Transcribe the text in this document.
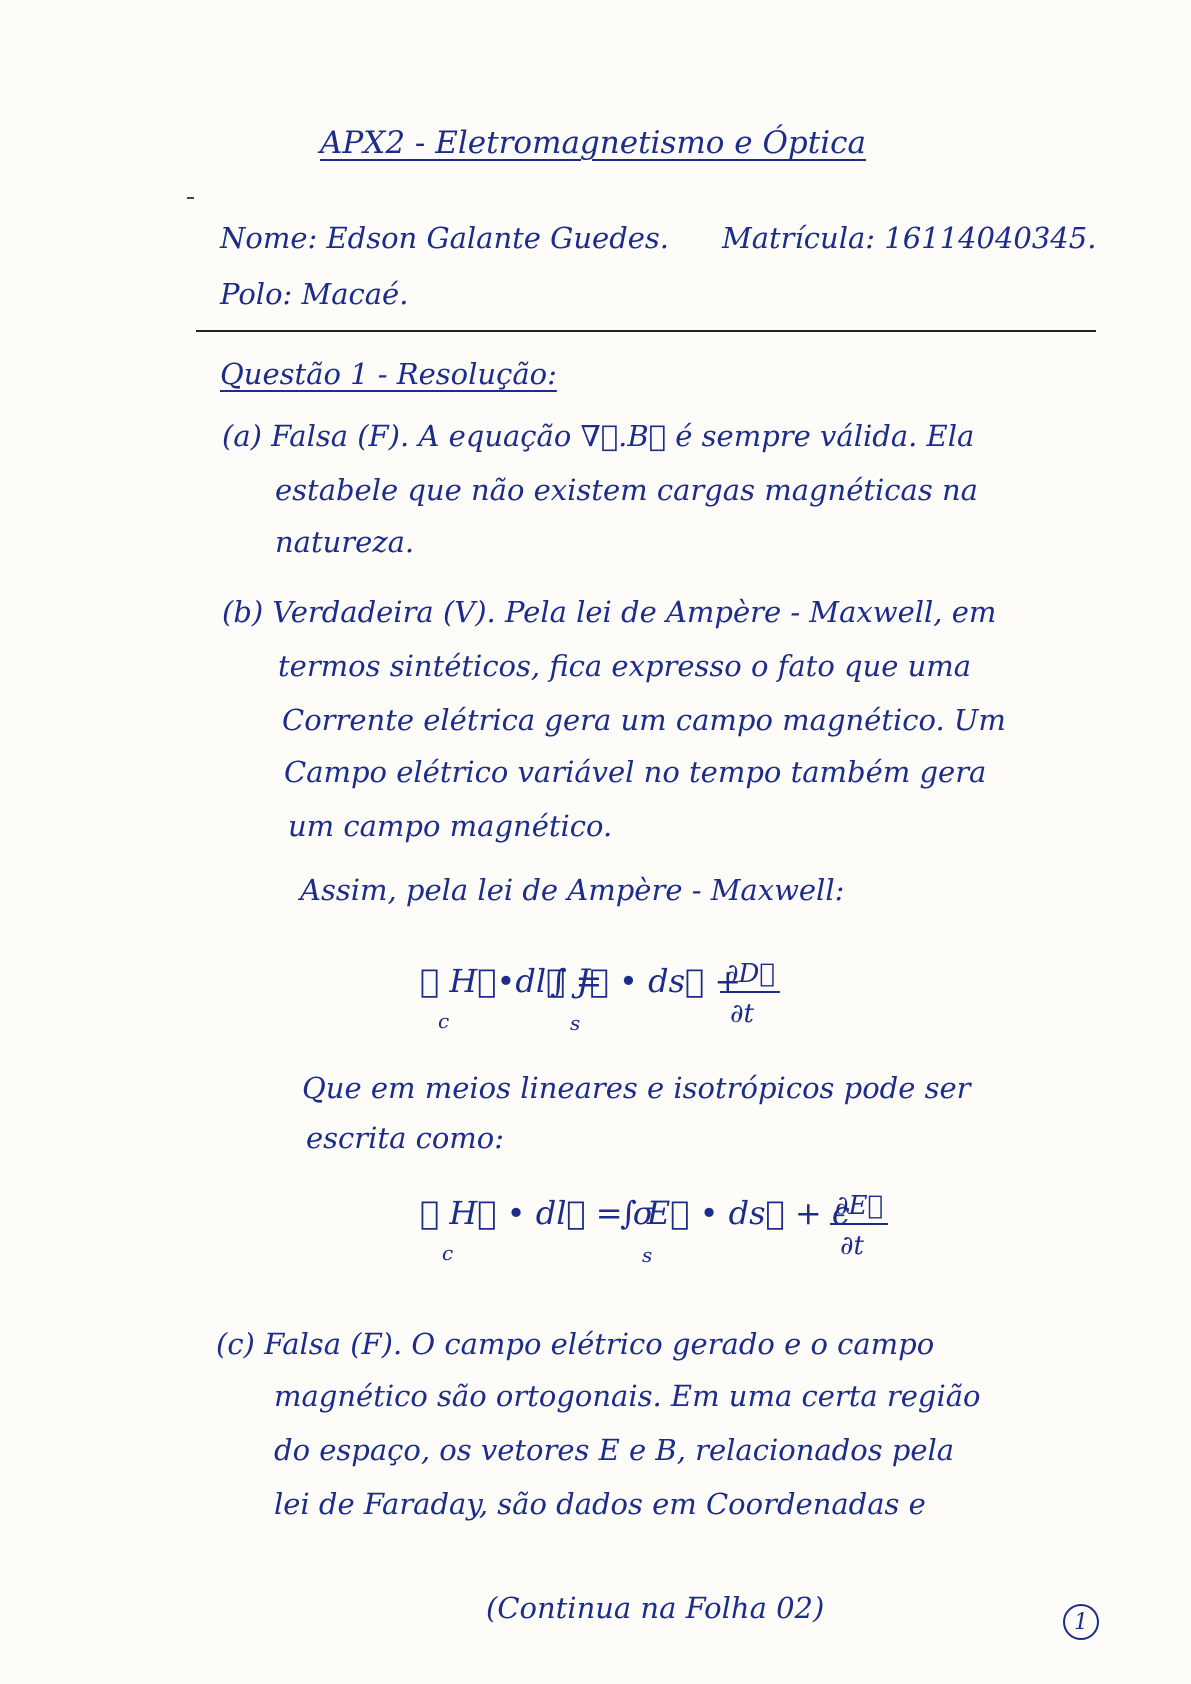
APX2 - Eletromagnetismo e Óptica
Nome: Edson Galante Guedes. Matrícula: 16114040345.
Polo: Macaé.
Questão 1 - Resolução:
(a) Falsa (F). A equação ∇⃗.B⃗ é sempre válida. Ela
estabele que não existem cargas magnéticas na
natureza.
(b) Verdadeira (V). Pela lei de Ampère - Maxwell, em
termos sintéticos, fica expresso o fato que uma
Corrente elétrica gera um campo magnético. Um
Campo elétrico variável no tempo também gera
um campo magnético.
Assim, pela lei de Ampère - Maxwell:
∮ H⃗•dl⃗ =
c
∫ J⃗ • ds⃗ +
s
∂D⃗
∂t
Que em meios lineares e isotrópicos pode ser
escrita como:
∮ H⃗ • dl⃗ = σ
c
∫ E⃗ • ds⃗ + ϵ
s
∂E⃗
∂t
(c) Falsa (F). O campo elétrico gerado e o campo
magnético são ortogonais. Em uma certa região
do espaço, os vetores E e B, relacionados pela
lei de Faraday, são dados em Coordenadas e
(Continua na Folha 02)	1
